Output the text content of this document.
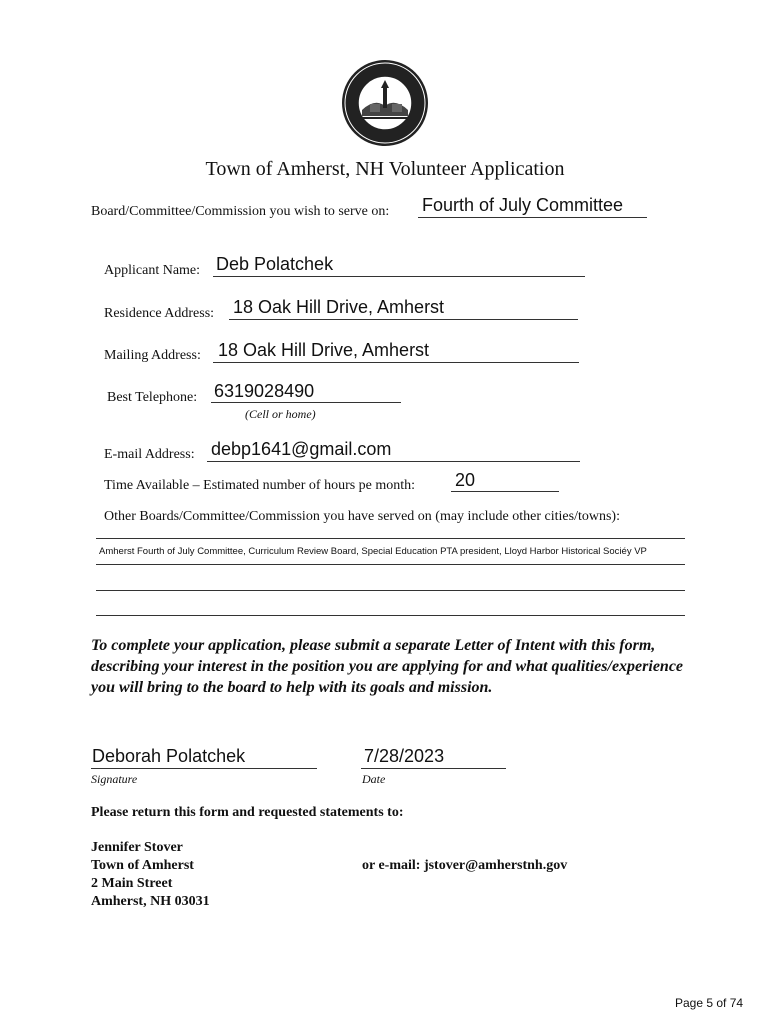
Town of Amherst, NH Volunteer Application
Board/Committee/Commission you wish to serve on: Fourth of July Committee
Applicant Name: Deb Polatchek
Residence Address: 18 Oak Hill Drive, Amherst
Mailing Address: 18 Oak Hill Drive, Amherst
Best Telephone: 6319028490
(Cell or home)
E-mail Address: debp1641@gmail.com
Time Available – Estimated number of hours pe month: 20
Other Boards/Committee/Commission you have served on (may include other cities/towns):
Amherst Fourth of July Committee, Curriculum Review Board, Special Education PTA president, Lloyd Harbor Historical Sociéy VP
To complete your application, please submit a separate Letter of Intent with this form, describing your interest in the position you are applying for and what qualities/experience you will bring to the board to help with its goals and mission.
Deborah Polatchek
Signature
7/28/2023
Date
Please return this form and requested statements to:
Jennifer Stover
Town of Amherst
2 Main Street
Amherst, NH 03031
or e-mail: jstover@amherstnh.gov
Page 5 of 74
